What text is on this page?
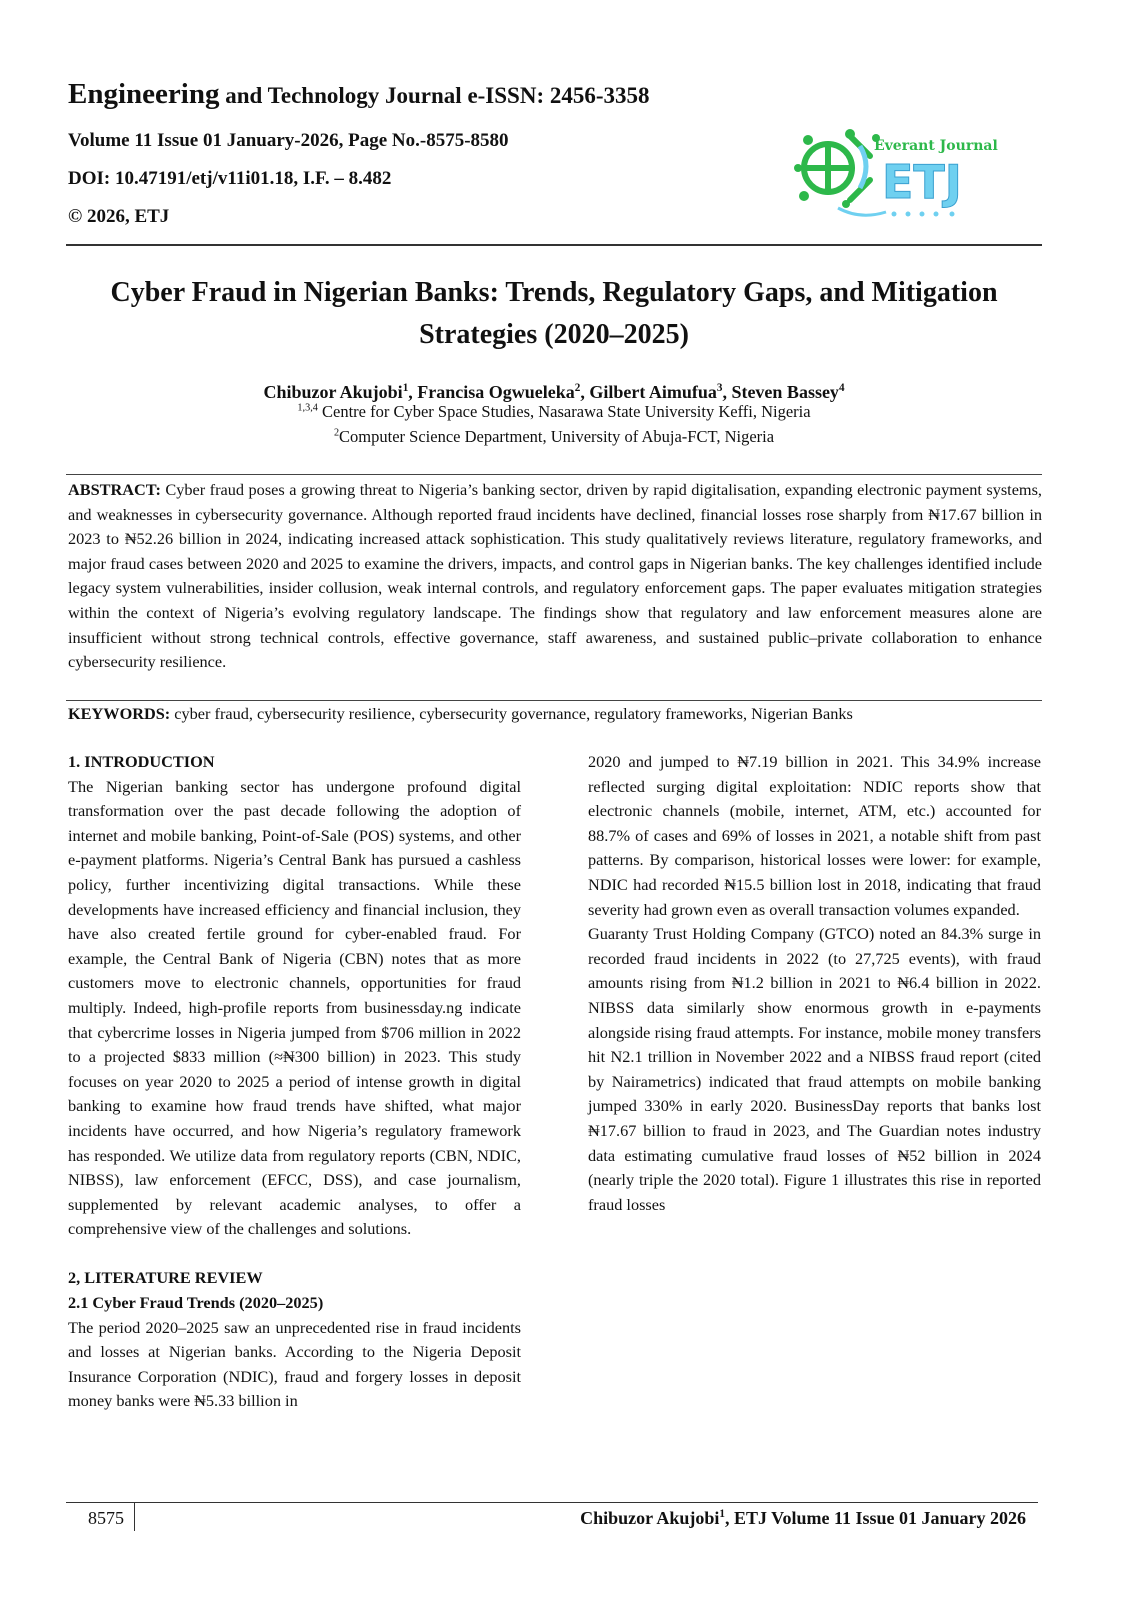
Engineering and Technology Journal e-ISSN: 2456-3358
Volume 11 Issue 01 January-2026, Page No.-8575-8580
DOI: 10.47191/etj/v11i01.18, I.F. – 8.482
© 2026, ETJ
Everant Journal
ETJ
Cyber Fraud in Nigerian Banks: Trends, Regulatory Gaps, and Mitigation
Strategies (2020–2025)
Chibuzor Akujobi$^1$, Francisa Ogwueleka$^2$, Gilbert Aimufua$^3$, Steven Bassey$^4$
$^{1,3,4}$ Centre for Cyber Space Studies, Nasarawa State University Keffi, Nigeria
$^2$Computer Science Department, University of Abuja-FCT, Nigeria
ABSTRACT: Cyber fraud poses a growing threat to Nigeria’s banking sector, driven by rapid digitalisation, expanding electronic payment systems, and weaknesses in cybersecurity governance. Although reported fraud incidents have declined, financial losses rose sharply from ₦17.67 billion in 2023 to ₦52.26 billion in 2024, indicating increased attack sophistication. This study qualitatively reviews literature, regulatory frameworks, and major fraud cases between 2020 and 2025 to examine the drivers, impacts, and control gaps in Nigerian banks. The key challenges identified include legacy system vulnerabilities, insider collusion, weak internal controls, and regulatory enforcement gaps. The paper evaluates mitigation strategies within the context of Nigeria’s evolving regulatory landscape. The findings show that regulatory and law enforcement measures alone are insufficient without strong technical controls, effective governance, staff awareness, and sustained public–private collaboration to enhance cybersecurity resilience.
KEYWORDS: cyber fraud, cybersecurity resilience, cybersecurity governance, regulatory frameworks, Nigerian Banks

1. INTRODUCTION

The Nigerian banking sector has undergone profound digital transformation over the past decade following the adoption of internet and mobile banking, Point-of-Sale (POS) systems, and other e-payment platforms. Nigeria’s Central Bank has pursued a cashless policy, further incentivizing digital transactions. While these developments have increased efficiency and financial inclusion, they have also created fertile ground for cyber-enabled fraud. For example, the Central Bank of Nigeria (CBN) notes that as more customers move to electronic channels, opportunities for fraud multiply. Indeed, high-profile reports from businessday.ng indicate that cybercrime losses in Nigeria jumped from $706 million in 2022 to a projected $833 million (≈₦300 billion) in 2023. This study focuses on year 2020 to 2025 a period of intense growth in digital banking to examine how fraud trends have shifted, what major incidents have occurred, and how Nigeria’s regulatory framework has responded. We utilize data from regulatory reports (CBN, NDIC, NIBSS), law enforcement (EFCC, DSS), and case journalism, supplemented by relevant academic analyses, to offer a comprehensive view of the challenges and solutions.

2, LITERATURE REVIEW

2.1 Cyber Fraud Trends (2020–2025)

The period 2020–2025 saw an unprecedented rise in fraud incidents and losses at Nigerian banks. According to the Nigeria Deposit Insurance Corporation (NDIC), fraud and forgery losses in deposit money banks were ₦5.33 billion in

2020 and jumped to ₦7.19 billion in 2021. This 34.9% increase reflected surging digital exploitation: NDIC reports show that electronic channels (mobile, internet, ATM, etc.) accounted for 88.7% of cases and 69% of losses in 2021, a notable shift from past patterns. By comparison, historical losses were lower: for example, NDIC had recorded ₦15.5 billion lost in 2018, indicating that fraud severity had grown even as overall transaction volumes expanded.

Guaranty Trust Holding Company (GTCO) noted an 84.3% surge in recorded fraud incidents in 2022 (to 27,725 events), with fraud amounts rising from ₦1.2 billion in 2021 to ₦6.4 billion in 2022. NIBSS data similarly show enormous growth in e-payments alongside rising fraud attempts. For instance, mobile money transfers hit N2.1 trillion in November 2022 and a NIBSS fraud report (cited by Nairametrics) indicated that fraud attempts on mobile banking jumped 330% in early 2020. BusinessDay reports that banks lost ₦17.67 billion to fraud in 2023, and The Guardian notes industry data estimating cumulative fraud losses of ₦52 billion in 2024 (nearly triple the 2020 total). Figure 1 illustrates this rise in reported fraud losses

8575	Chibuzor Akujobi$^1$, ETJ Volume 11 Issue 01 January 2026
